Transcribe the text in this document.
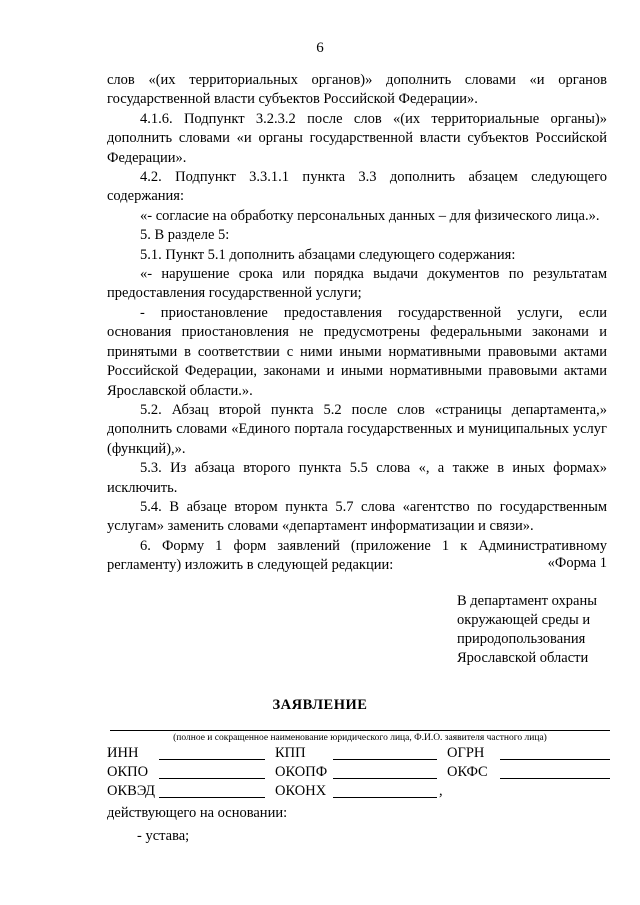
6

слов «(их территориальных органов)» дополнить словами «и органов государственной власти субъектов Российской Федерации».

4.1.6. Подпункт 3.2.3.2 после слов «(их территориальные органы)» дополнить словами «и органы государственной власти субъектов Российской Федерации».

4.2. Подпункт 3.3.1.1 пункта 3.3 дополнить абзацем следующего содержания:

«- согласие на обработку персональных данных – для физического лица.».

5. В разделе 5:

5.1. Пункт 5.1 дополнить абзацами следующего содержания:

«- нарушение срока или порядка выдачи документов по результатам предоставления государственной услуги;

- приостановление предоставления государственной услуги, если основания приостановления не предусмотрены федеральными законами и принятыми в соответствии с ними иными нормативными правовыми актами Российской Федерации, законами и иными нормативными правовыми актами Ярославской области.».

5.2. Абзац второй пункта 5.2 после слов «страницы департамента,» дополнить словами «Единого портала государственных и муниципальных услуг (функций),».

5.3. Из абзаца второго пункта 5.5 слова «, а также в иных формах» исключить.

5.4. В абзаце втором пункта 5.7 слова «агентство по государственным услугам» заменить словами «департамент информатизации и связи».

6. Форму 1 форм заявлений (приложение 1 к Административному регламенту) изложить в следующей редакции:	«Форма 1
В департамент охраны
окружающей среды и
природопользования
Ярославской области
ЗАЯВЛЕНИЕ
(полное и сокращенное наименование юридического лица, Ф.И.О. заявителя частного лица)
ИНН	КПП	ОГРН
ОКПО	ОКОПФ	ОКФС
ОКВЭД	ОКОНХ	,
действующего на основании:
- устава;
